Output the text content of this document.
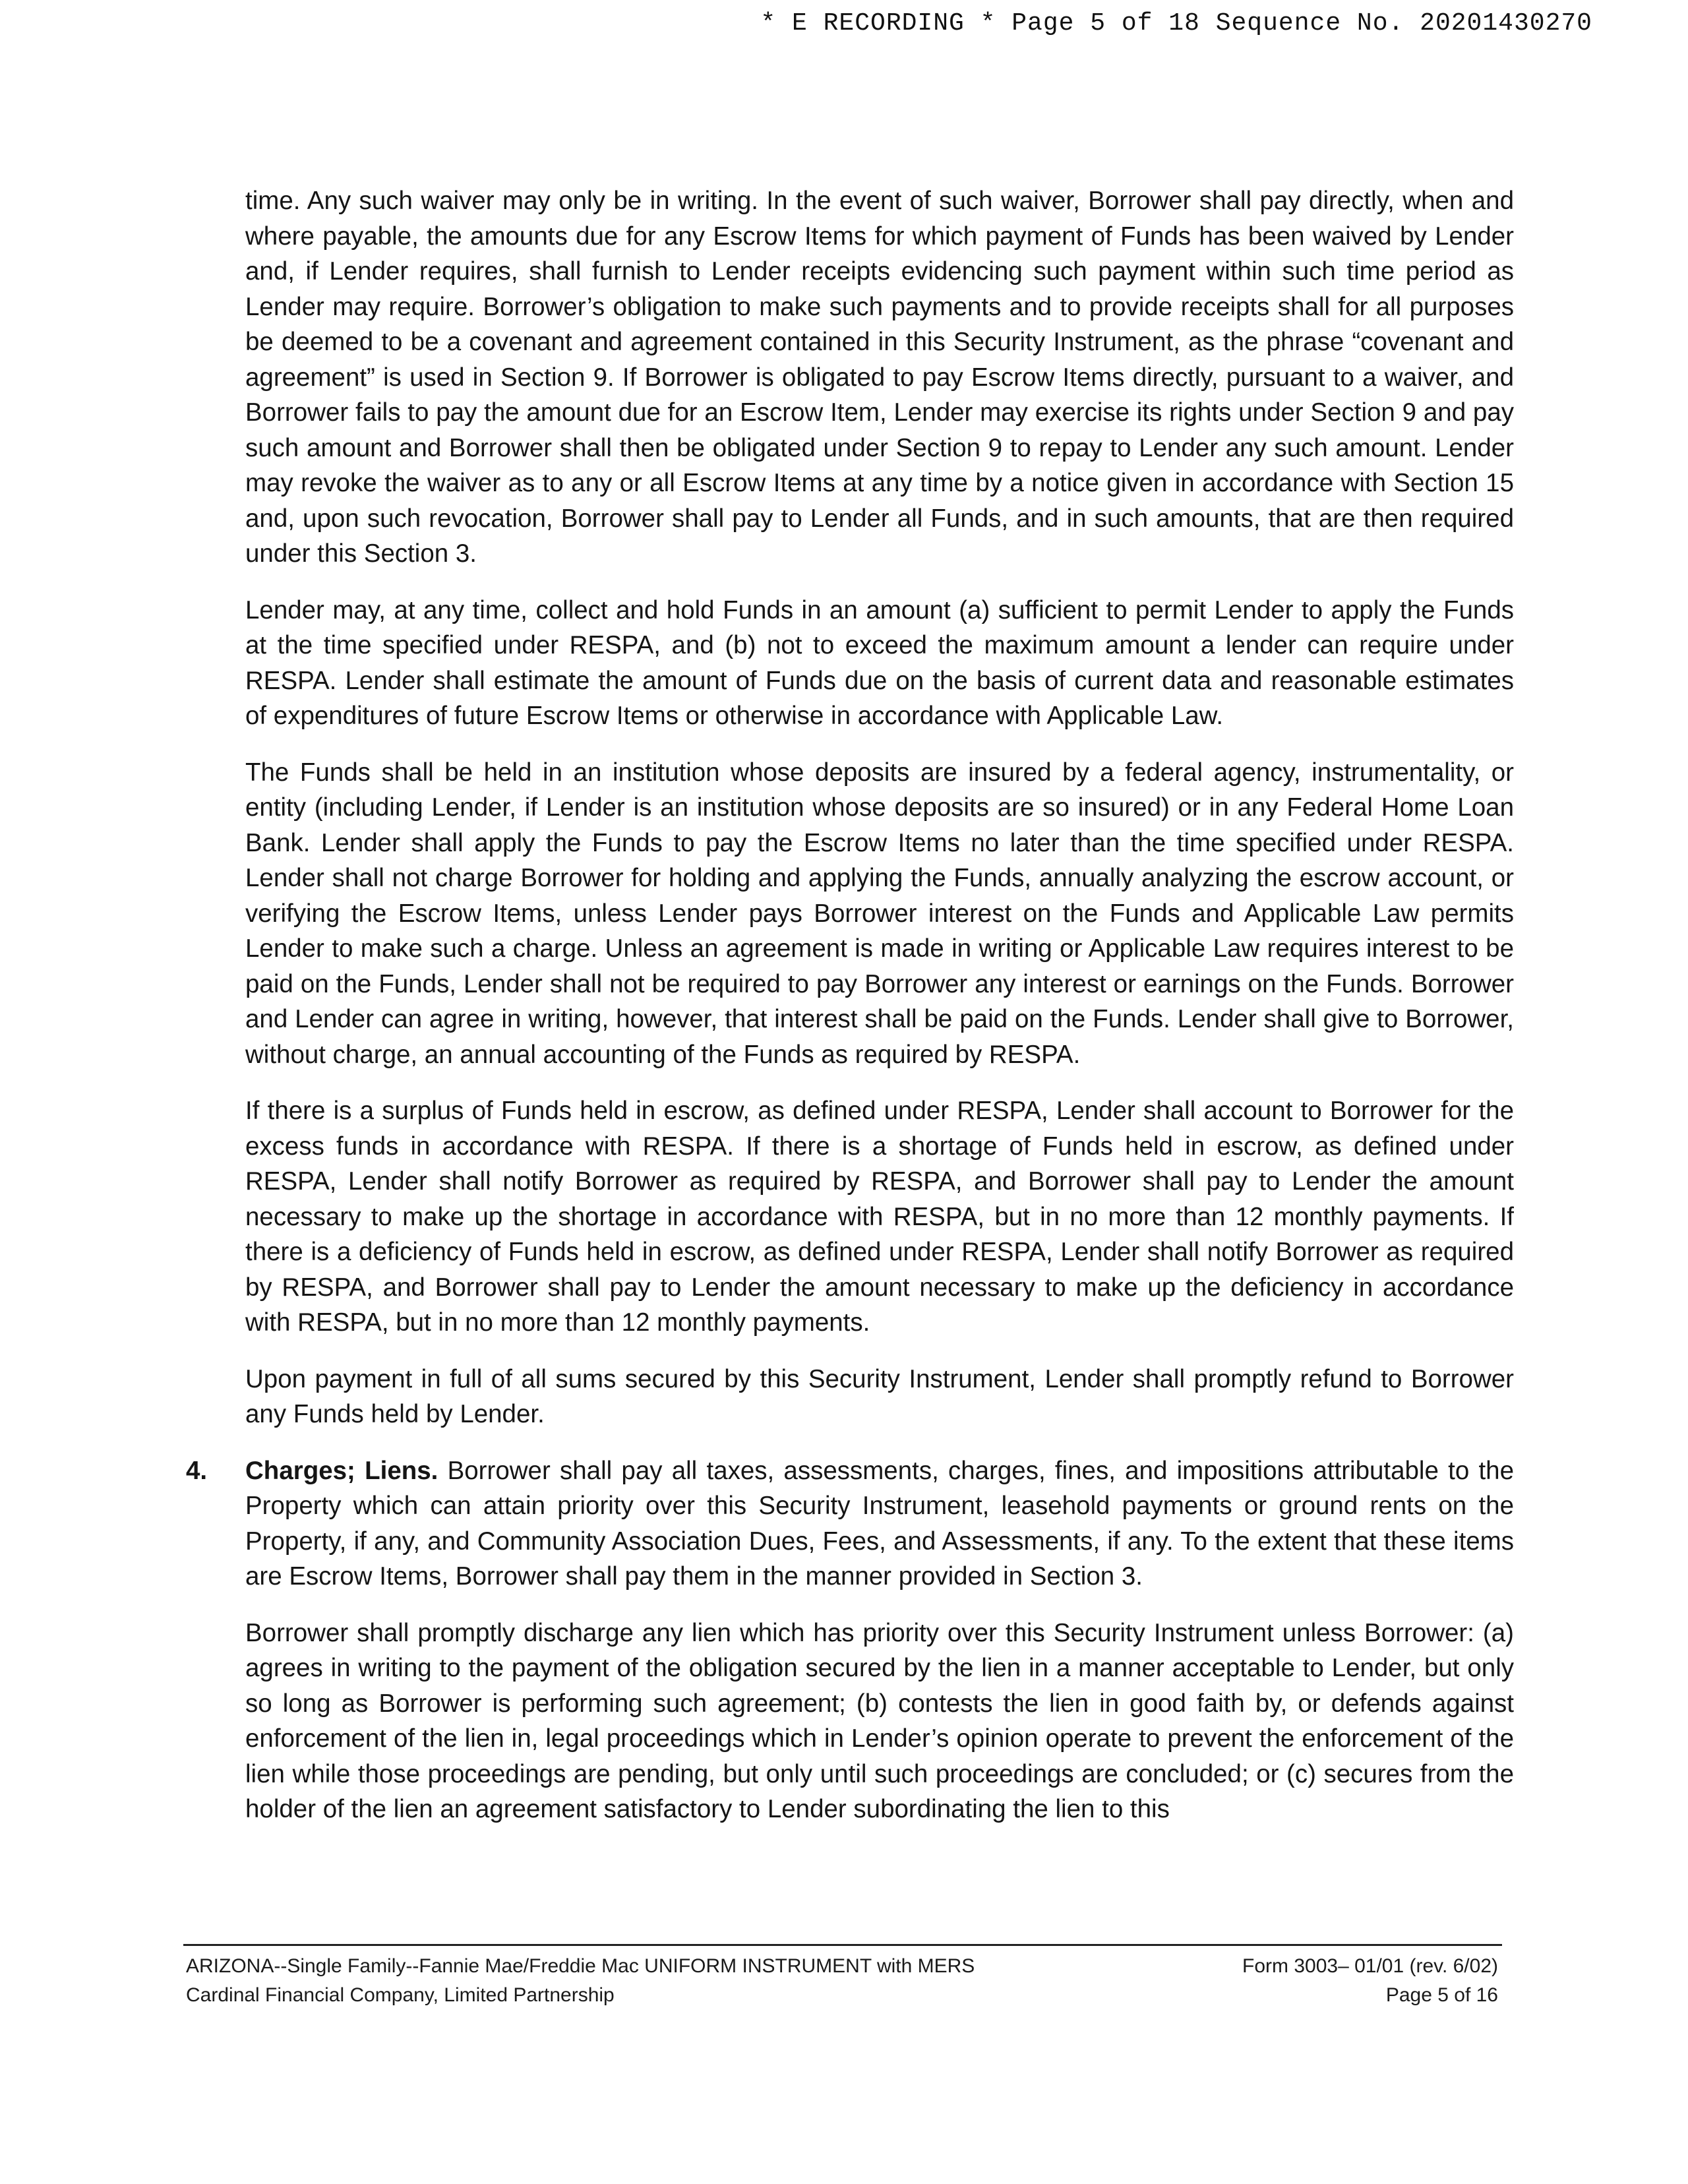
* E RECORDING * Page 5 of 18 Sequence No. 20201430270

time. Any such waiver may only be in writing. In the event of such waiver, Borrower shall pay directly, when and where payable, the amounts due for any Escrow Items for which payment of Funds has been waived by Lender and, if Lender requires, shall furnish to Lender receipts evidencing such payment within such time period as Lender may require. Borrower’s obligation to make such payments and to provide receipts shall for all purposes be deemed to be a covenant and agreement contained in this Security Instrument, as the phrase “covenant and agreement” is used in Section 9. If Borrower is obligated to pay Escrow Items directly, pursuant to a waiver, and Borrower fails to pay the amount due for an Escrow Item, Lender may exercise its rights under Section 9 and pay such amount and Borrower shall then be obligated under Section 9 to repay to Lender any such amount. Lender may revoke the waiver as to any or all Escrow Items at any time by a notice given in accordance with Section 15 and, upon such revocation, Borrower shall pay to Lender all Funds, and in such amounts, that are then required under this Section 3.

Lender may, at any time, collect and hold Funds in an amount (a) sufficient to permit Lender to apply the Funds at the time specified under RESPA, and (b) not to exceed the maximum amount a lender can require under RESPA. Lender shall estimate the amount of Funds due on the basis of current data and reasonable estimates of expenditures of future Escrow Items or otherwise in accordance with Applicable Law.

The Funds shall be held in an institution whose deposits are insured by a federal agency, instrumentality, or entity (including Lender, if Lender is an institution whose deposits are so insured) or in any Federal Home Loan Bank. Lender shall apply the Funds to pay the Escrow Items no later than the time specified under RESPA. Lender shall not charge Borrower for holding and applying the Funds, annually analyzing the escrow account, or verifying the Escrow Items, unless Lender pays Borrower interest on the Funds and Applicable Law permits Lender to make such a charge. Unless an agreement is made in writing or Applicable Law requires interest to be paid on the Funds, Lender shall not be required to pay Borrower any interest or earnings on the Funds. Borrower and Lender can agree in writing, however, that interest shall be paid on the Funds. Lender shall give to Borrower, without charge, an annual accounting of the Funds as required by RESPA.

If there is a surplus of Funds held in escrow, as defined under RESPA, Lender shall account to Borrower for the excess funds in accordance with RESPA. If there is a shortage of Funds held in escrow, as defined under RESPA, Lender shall notify Borrower as required by RESPA, and Borrower shall pay to Lender the amount necessary to make up the shortage in accordance with RESPA, but in no more than 12 monthly payments. If there is a deficiency of Funds held in escrow, as defined under RESPA, Lender shall notify Borrower as required by RESPA, and Borrower shall pay to Lender the amount necessary to make up the deficiency in accordance with RESPA, but in no more than 12 monthly payments.

Upon payment in full of all sums secured by this Security Instrument, Lender shall promptly refund to Borrower any Funds held by Lender.

4. Charges; Liens. Borrower shall pay all taxes, assessments, charges, fines, and impositions attributable to the Property which can attain priority over this Security Instrument, leasehold payments or ground rents on the Property, if any, and Community Association Dues, Fees, and Assessments, if any. To the extent that these items are Escrow Items, Borrower shall pay them in the manner provided in Section 3.

Borrower shall promptly discharge any lien which has priority over this Security Instrument unless Borrower: (a) agrees in writing to the payment of the obligation secured by the lien in a manner acceptable to Lender, but only so long as Borrower is performing such agreement; (b) contests the lien in good faith by, or defends against enforcement of the lien in, legal proceedings which in Lender’s opinion operate to prevent the enforcement of the lien while those proceedings are pending, but only until such proceedings are concluded; or (c) secures from the holder of the lien an agreement satisfactory to Lender subordinating the lien to this

ARIZONA--Single Family--Fannie Mae/Freddie Mac UNIFORM INSTRUMENT with MERS
Cardinal Financial Company, Limited Partnership
Form 3003– 01/01 (rev. 6/02)
Page 5 of 16
